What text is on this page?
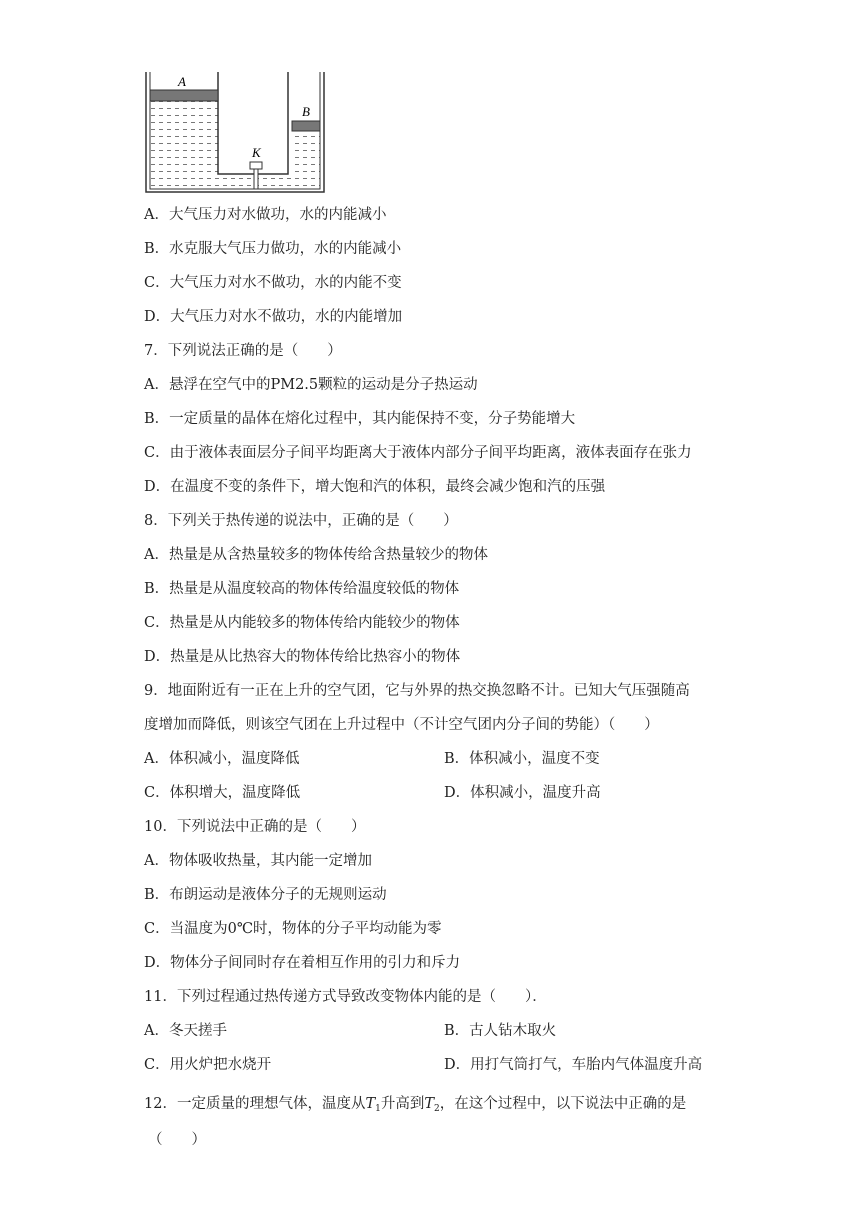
A
B
K
A．大气压力对水做功，水的内能减小
B．水克服大气压力做功，水的内能减小
C．大气压力对水不做功，水的内能不变
D．大气压力对水不做功，水的内能增加
7．下列说法正确的是（　　）
A．悬浮在空气中的PM2.5颗粒的运动是分子热运动
B．一定质量的晶体在熔化过程中，其内能保持不变，分子势能增大
C．由于液体表面层分子间平均距离大于液体内部分子间平均距离，液体表面存在张力
D．在温度不变的条件下，增大饱和汽的体积，最终会减少饱和汽的压强
8．下列关于热传递的说法中，正确的是（　　）
A．热量是从含热量较多的物体传给含热量较少的物体
B．热量是从温度较高的物体传给温度较低的物体
C．热量是从内能较多的物体传给内能较少的物体
D．热量是从比热容大的物体传给比热容小的物体
9．地面附近有一正在上升的空气团，它与外界的热交换忽略不计。已知大气压强随高
度增加而降低，则该空气团在上升过程中（不计空气团内分子间的势能）（　　）
A．体积减小，温度降低	B．体积减小，温度不变
C．体积增大，温度降低	D．体积减小，温度升高
10．下列说法中正确的是（　　）
A．物体吸收热量，其内能一定增加
B．布朗运动是液体分子的无规则运动
C．当温度为0℃时，物体的分子平均动能为零
D．物体分子间同时存在着相互作用的引力和斥力
11．下列过程通过热传递方式导致改变物体内能的是（　　）．
A．冬天搓手	B．古人钻木取火
C．用火炉把水烧开	D．用打气筒打气，车胎内气体温度升高
12．一定质量的理想气体，温度从$T_1$升高到$T_2$，在这个过程中，以下说法中正确的是
（　　）
